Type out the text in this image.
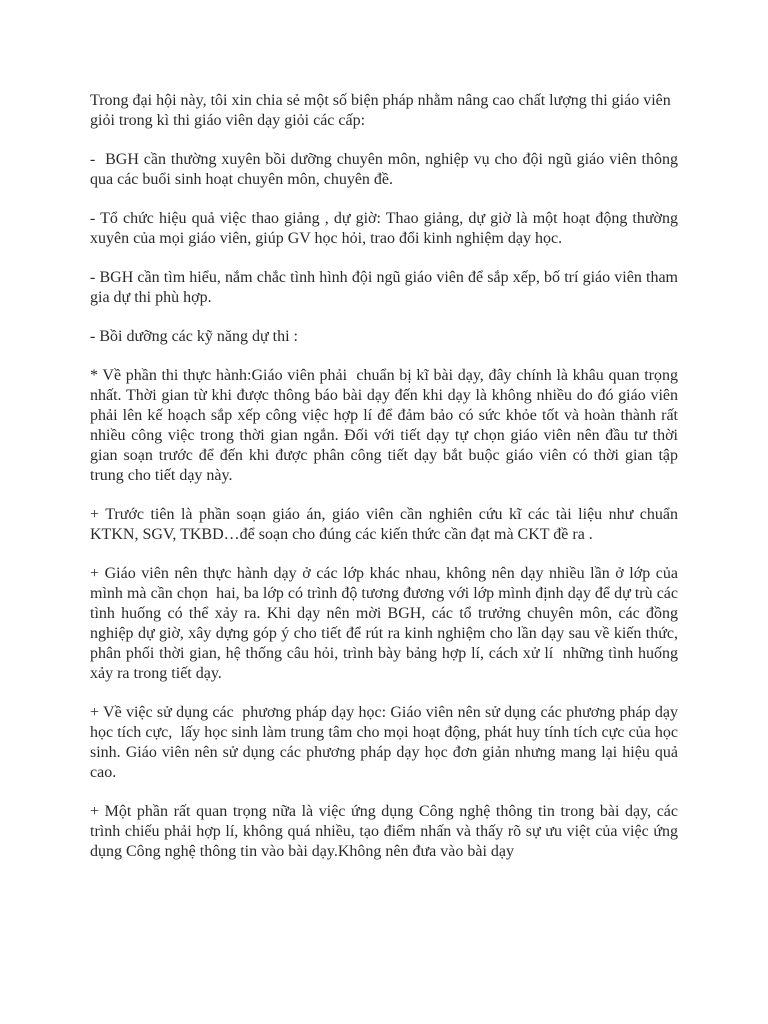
Trong đại hội này, tôi xin chia sẻ một số biện pháp nhằm nâng cao chất lượng thi giáo viên giỏi trong kì thi giáo viên dạy giỏi các cấp:

-  BGH cần thường xuyên bồi dưỡng chuyên môn, nghiệp vụ cho đội ngũ giáo viên thông qua các buổi sinh hoạt chuyên môn, chuyên đề.

- Tổ chức hiệu quả việc thao giảng , dự giờ: Thao giảng, dự giờ là một hoạt động thường xuyên của mọi giáo viên, giúp GV học hỏi, trao đổi kinh nghiệm dạy học.

- BGH cần tìm hiểu, nắm chắc tình hình đội ngũ giáo viên để sắp xếp, bố trí giáo viên tham gia dự thi phù hợp.

- Bồi dưỡng các kỹ năng dự thi :

* Về phần thi thực hành:Giáo viên phải  chuẩn bị kĩ bài dạy, đây chính là khâu quan trọng nhất. Thời gian từ khi được thông báo bài dạy đến khi dạy là không nhiều do đó giáo viên phải lên kế hoạch sắp xếp công việc hợp lí để đảm bảo có sức khỏe tốt và hoàn thành rất nhiều công việc trong thời gian ngắn. Đối với tiết dạy tự chọn giáo viên nên đầu tư thời gian soạn trước để đến khi được phân công tiết dạy bắt buộc giáo viên có thời gian tập trung cho tiết dạy này.

+ Trước tiên là phần soạn giáo án, giáo viên cần nghiên cứu kĩ các tài liệu như chuẩn KTKN, SGV, TKBD…để soạn cho đúng các kiến thức cần đạt mà CKT đề ra .

+ Giáo viên nên thực hành dạy ở các lớp khác nhau, không nên dạy nhiều lần ở lớp của mình mà cần chọn  hai, ba lớp có trình độ tương đương với lớp mình định dạy để dự trù các tình huống có thể xảy ra. Khi dạy nên mời BGH, các tổ trưởng chuyên môn, các đồng nghiệp dự giờ, xây dựng góp ý cho tiết để rút ra kinh nghiệm cho lần dạy sau về kiến thức, phân phối thời gian, hệ thống câu hỏi, trình bày bảng hợp lí, cách xử lí  những tình huống xảy ra trong tiết dạy.

+ Về việc sử dụng các  phương pháp dạy học: Giáo viên nên sử dụng các phương pháp dạy học tích cực,  lấy học sinh làm trung tâm cho mọi hoạt động, phát huy tính tích cực của học sinh. Giáo viên nên sử dụng các phương pháp dạy học đơn giản nhưng mang lại hiệu quả cao.

+ Một phần rất quan trọng nữa là việc ứng dụng Công nghệ thông tin trong bài dạy, các trình chiếu phải hợp lí, không quá nhiều, tạo điểm nhấn và thấy rõ sự ưu việt của việc ứng dụng Công nghệ thông tin vào bài dạy.Không nên đưa vào bài dạy
